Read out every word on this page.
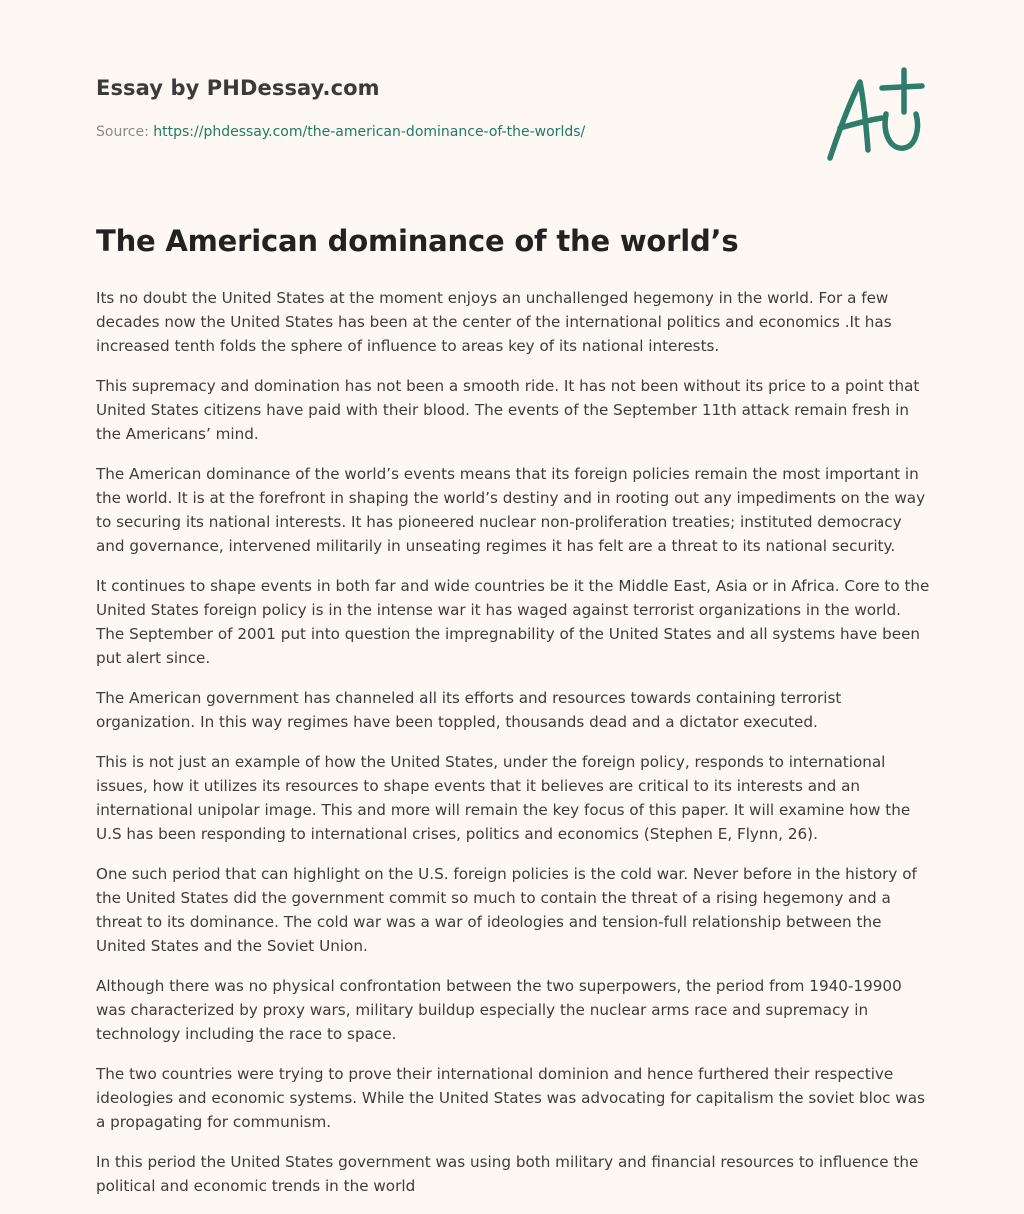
Essay by PHDessay.com
Source: https://phdessay.com/the-american-dominance-of-the-worlds/
The American dominance of the world’s

Its no doubt the United States at the moment enjoys an unchallenged hegemony in the world. For a few decades now the United States has been at the center of the international politics and economics .It has increased tenth folds the sphere of influence to areas key of its national interests.

This supremacy and domination has not been a smooth ride. It has not been without its price to a point that United States citizens have paid with their blood. The events of the September 11th attack remain fresh in the Americans’ mind.

The American dominance of the world’s events means that its foreign policies remain the most important in the world. It is at the forefront in shaping the world’s destiny and in rooting out any impediments on the way to securing its national interests. It has pioneered nuclear non-proliferation treaties; instituted democracy and governance, intervened militarily in unseating regimes it has felt are a threat to its national security.

It continues to shape events in both far and wide countries be it the Middle East, Asia or in Africa. Core to the United States foreign policy is in the intense war it has waged against terrorist organizations in the world. The September of 2001 put into question the impregnability of the United States and all systems have been put alert since.

The American government has channeled all its efforts and resources towards containing terrorist organization. In this way regimes have been toppled, thousands dead and a dictator executed.

This is not just an example of how the United States, under the foreign policy, responds to international issues, how it utilizes its resources to shape events that it believes are critical to its interests and an international unipolar image. This and more will remain the key focus of this paper. It will examine how the U.S has been responding to international crises, politics and economics (Stephen E, Flynn, 26).

One such period that can highlight on the U.S. foreign policies is the cold war. Never before in the history of the United States did the government commit so much to contain the threat of a rising hegemony and a threat to its dominance. The cold war was a war of ideologies and tension-full relationship between the United States and the Soviet Union.

Although there was no physical confrontation between the two superpowers, the period from 1940-19900 was characterized by proxy wars, military buildup especially the nuclear arms race and supremacy in technology including the race to space.

The two countries were trying to prove their international dominion and hence furthered their respective ideologies and economic systems. While the United States was advocating for capitalism the soviet bloc was a propagating for communism.

In this period the United States government was using both military and financial resources to influence the political and economic trends in the world
